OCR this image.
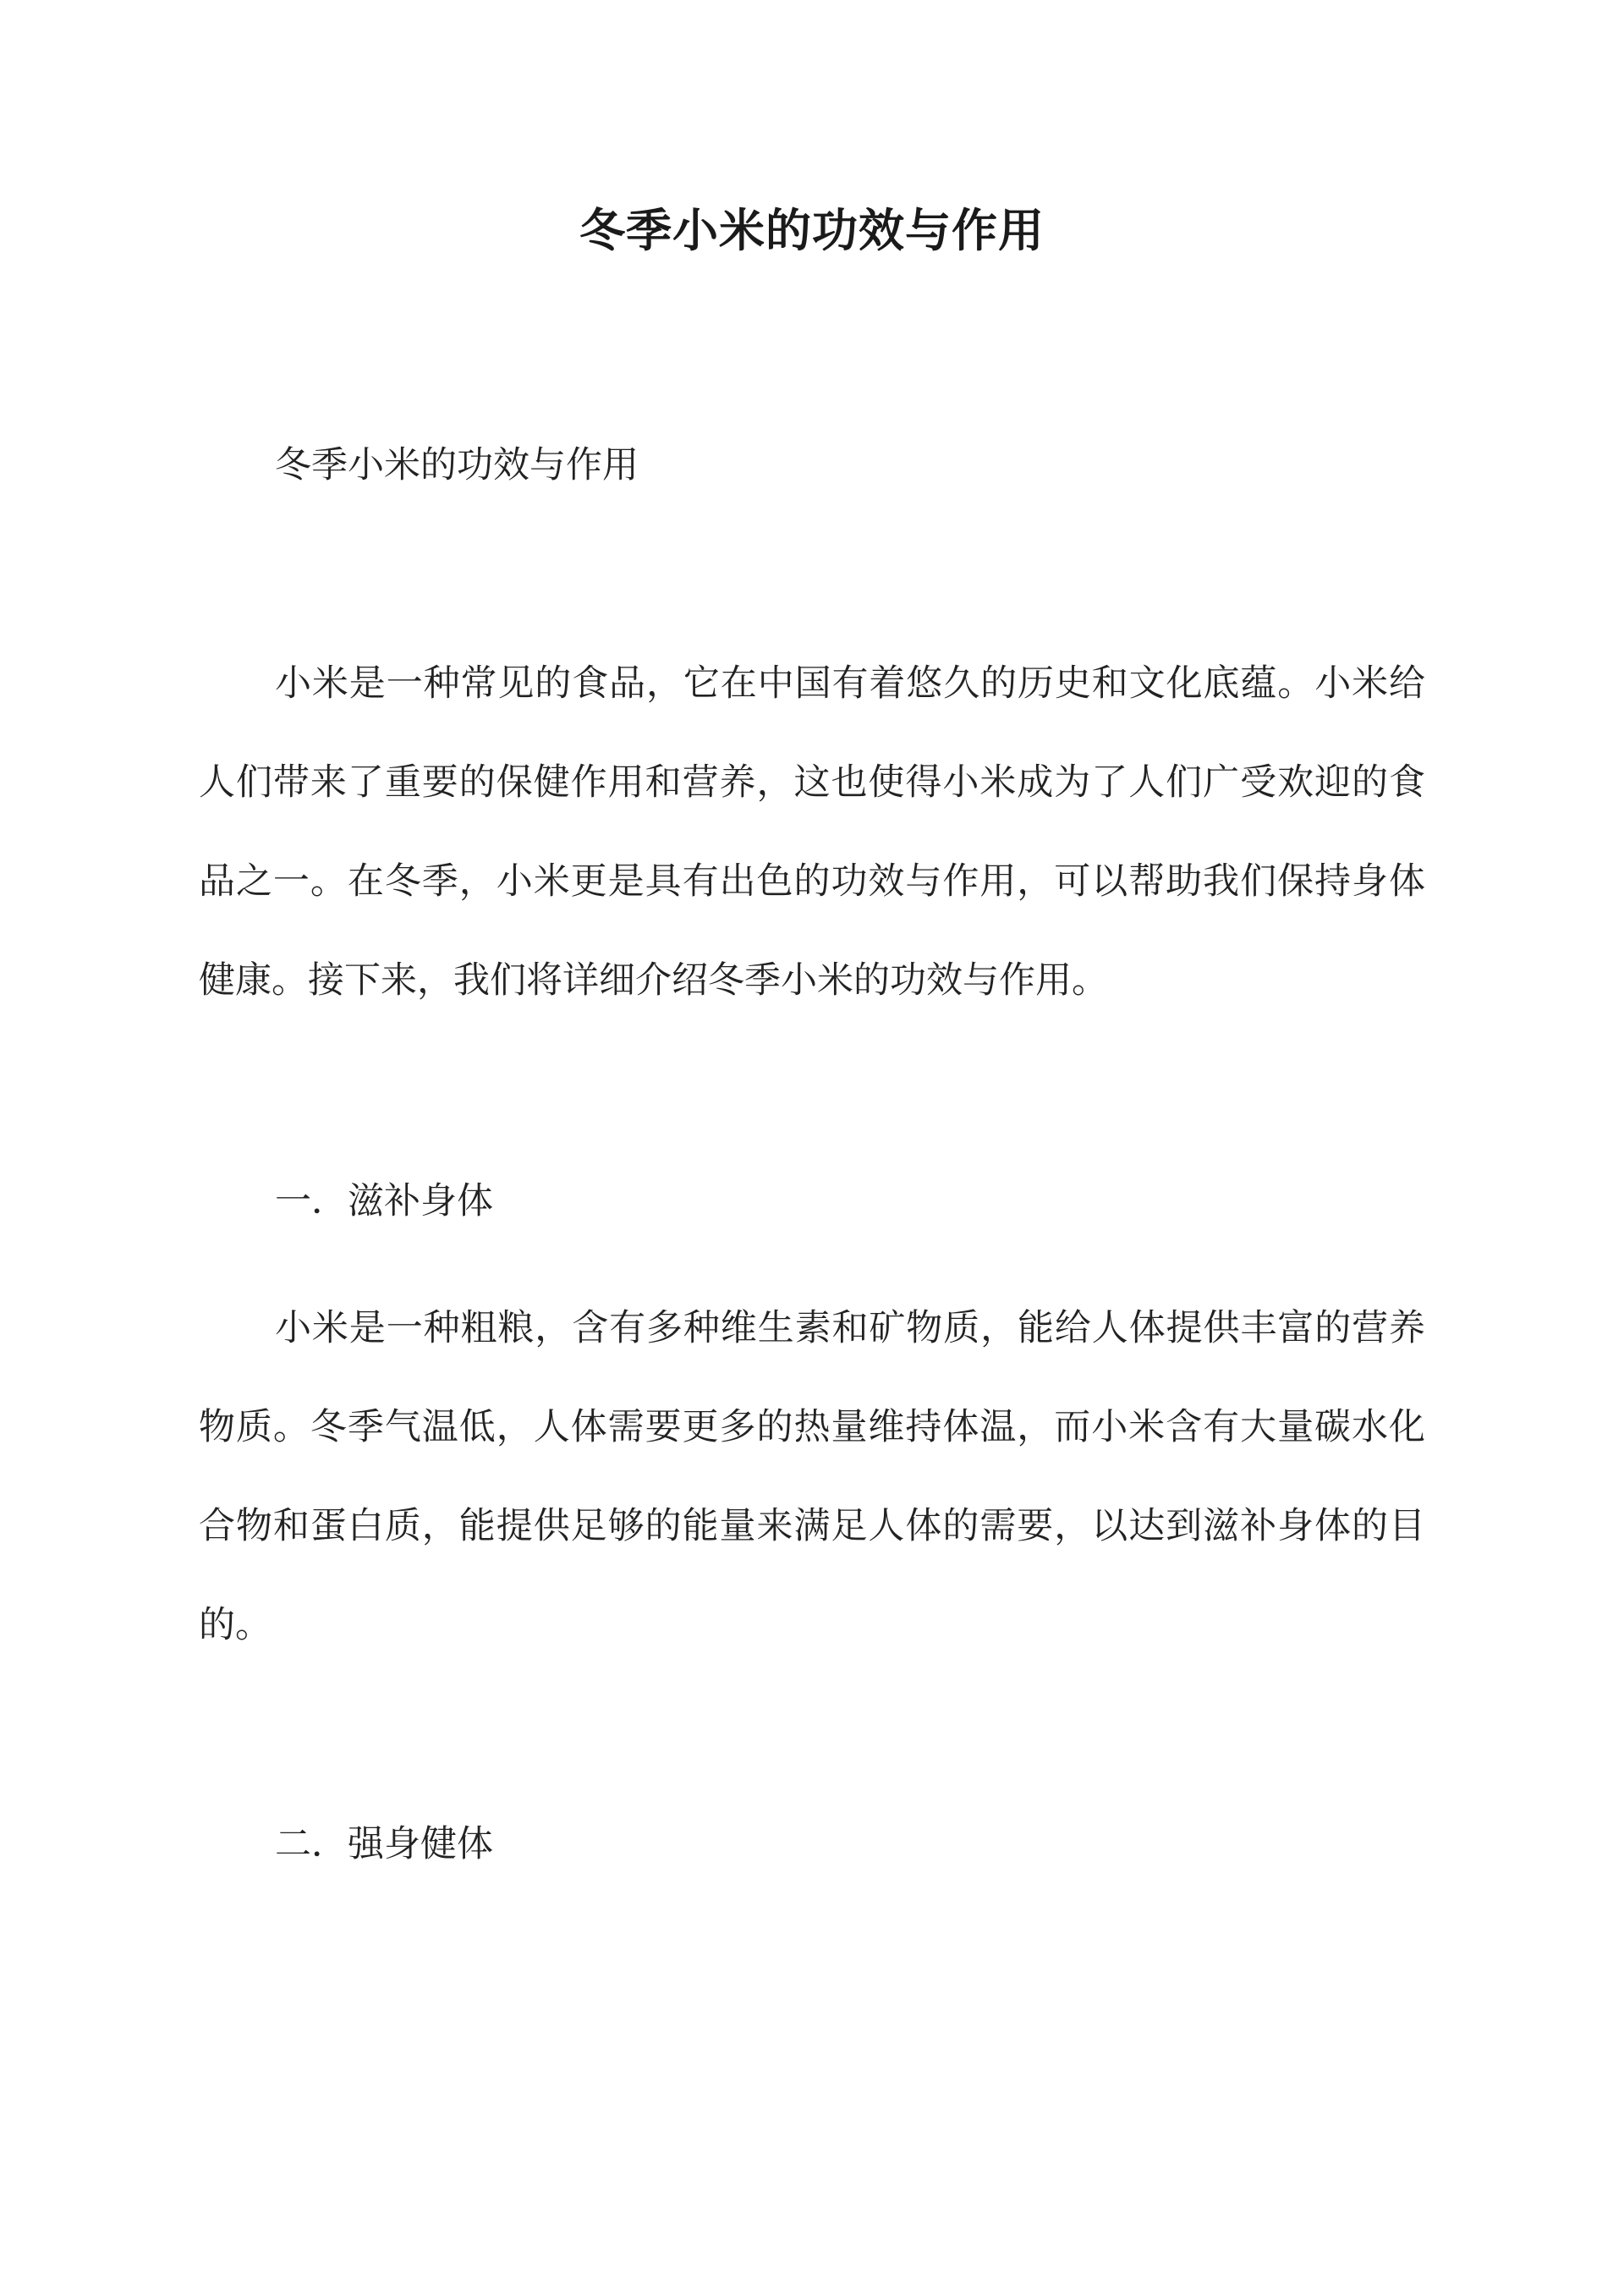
冬季小米的功效与作用
冬季小米的功效与作用

小米是一种常见的食品，它在中国有着悠久的历史和文化底蕴。小米给人们带来了重要的保健作用和营养，这也使得小米成为了人们广受欢迎的食品之一。在冬季，小米更是具有出色的功效与作用，可以帮助我们保持身体健康。接下来，我们将详细介绍冬季小米的功效与作用。

一．滋补身体

小米是一种粗粮，含有多种维生素和矿物质，能给人体提供丰富的营养物质。冬季气温低，人体需要更多的热量维持体温，而小米含有大量碳水化合物和蛋白质，能提供足够的能量来满足人体的需要，以达到滋补身体的目的。

二．强身健体
